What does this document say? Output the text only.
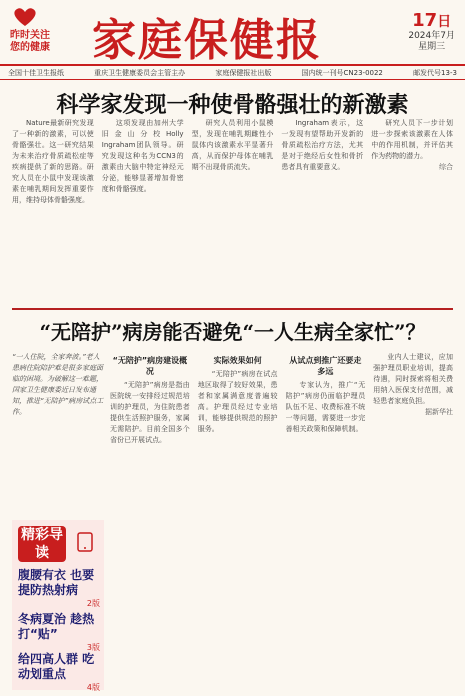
昨时关注
您的健康 家庭保健报	17日
2024年7月
星期三
全国十佳卫生报纸	重庆卫生健康委员会主管主办	家庭保健报社出版	国内统一刊号CN23-0022	邮发代号13-3
科学家发现一种使骨骼强壮的新激素

Nature最新研究发现了一种新的激素，可以使骨骼强壮。这一研究结果为未来治疗骨质疏松症等疾病提供了新的思路。研究人员在小鼠中发现该激素在哺乳期间发挥重要作用，维持母体骨骼强度。

这项发现由加州大学旧金山分校Holly Ingraham团队领导。研究发现这种名为CCN3的激素由大脑中特定神经元分泌，能够显著增加骨密度和骨骼强度。

研究人员利用小鼠模型，发现在哺乳期雌性小鼠体内该激素水平显著升高，从而保护母体在哺乳期不出现骨质流失。

Ingraham表示，这一发现有望帮助开发新的骨质疏松治疗方法，尤其是对于绝经后女性和骨折患者具有重要意义。

研究人员下一步计划进一步探索该激素在人体中的作用机制，并评估其作为药物的潜力。

综合

“无陪护”病房能否避免“一人生病全家忙”？
“一人住院，全家奔波。”老人患病住院陪护难是很多家庭面临的困境。为破解这一难题，国家卫生健康委近日发布通知，推进“无陪护”病房试点工作。

“无陪护”病房建设概况

“无陪护”病房是指由医院统一安排经过规范培训的护理员，为住院患者提供生活照护服务，家属无需陪护。目前全国多个省份已开展试点。

实际效果如何

“无陪护”病房在试点地区取得了较好效果，患者和家属满意度普遍较高。护理员经过专业培训，能够提供规范的照护服务。

从试点到推广还要走多远

专家认为，推广“无陪护”病房仍面临护理员队伍不足、收费标准不统一等问题，需要进一步完善相关政策和保障机制。

业内人士建议，应加强护理员职业培训，提高待遇，同时探索将相关费用纳入医保支付范围，减轻患者家庭负担。

据新华社

精彩导读
腹腰有衣 也要提防热射病
2版
冬病夏治 趁热打“贴”
3版
给四高人群 吃动划重点
4版
